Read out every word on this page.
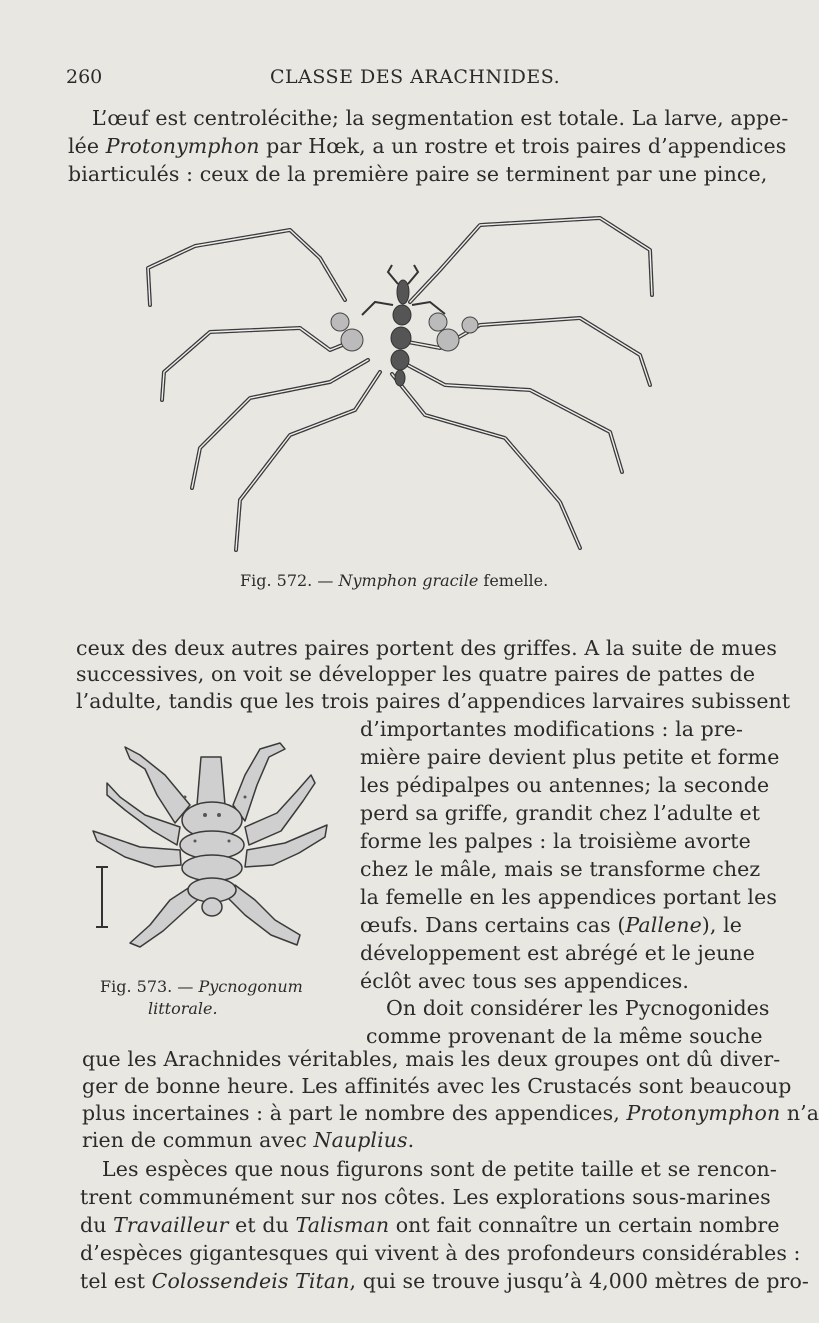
260	CLASSE DES ARACHNIDES.
L’œuf est centrolécithe; la segmentation est totale. La larve, appe-
lée Protonymphon par Hœk, a un rostre et trois paires d’appendices
biarticulés : ceux de la première paire se terminent par une pince,
Fig. 572. — Nymphon gracile femelle.
ceux des deux autres paires portent des griffes. A la suite de mues
successives, on voit se développer les quatre paires de pattes de
l’adulte, tandis que les trois paires d’appendices larvaires subissent
d’importantes modifications : la pre-
mière paire devient plus petite et forme
les pédipalpes ou antennes; la seconde
perd sa griffe, grandit chez l’adulte et
forme les palpes : la troisième avorte
chez le mâle, mais se transforme chez
la femelle en les appendices portant les
œufs. Dans certains cas (Pallene), le
développement est abrégé et le jeune
éclôt avec tous ses appendices.
Fig. 573. — Pycnogonum
littorale.	On doit considérer les Pycnogonides
comme provenant de la même souche
que les Arachnides véritables, mais les deux groupes ont dû diver-
ger de bonne heure. Les affinités avec les Crustacés sont beaucoup
plus incertaines : à part le nombre des appendices, Protonymphon n’a
rien de commun avec Nauplius.
Les espèces que nous figurons sont de petite taille et se rencon-
trent communément sur nos côtes. Les explorations sous-marines
du Travailleur et du Talisman ont fait connaître un certain nombre
d’espèces gigantesques qui vivent à des profondeurs considérables :
tel est Colossendeis Titan, qui se trouve jusqu’à 4,000 mètres de pro-
